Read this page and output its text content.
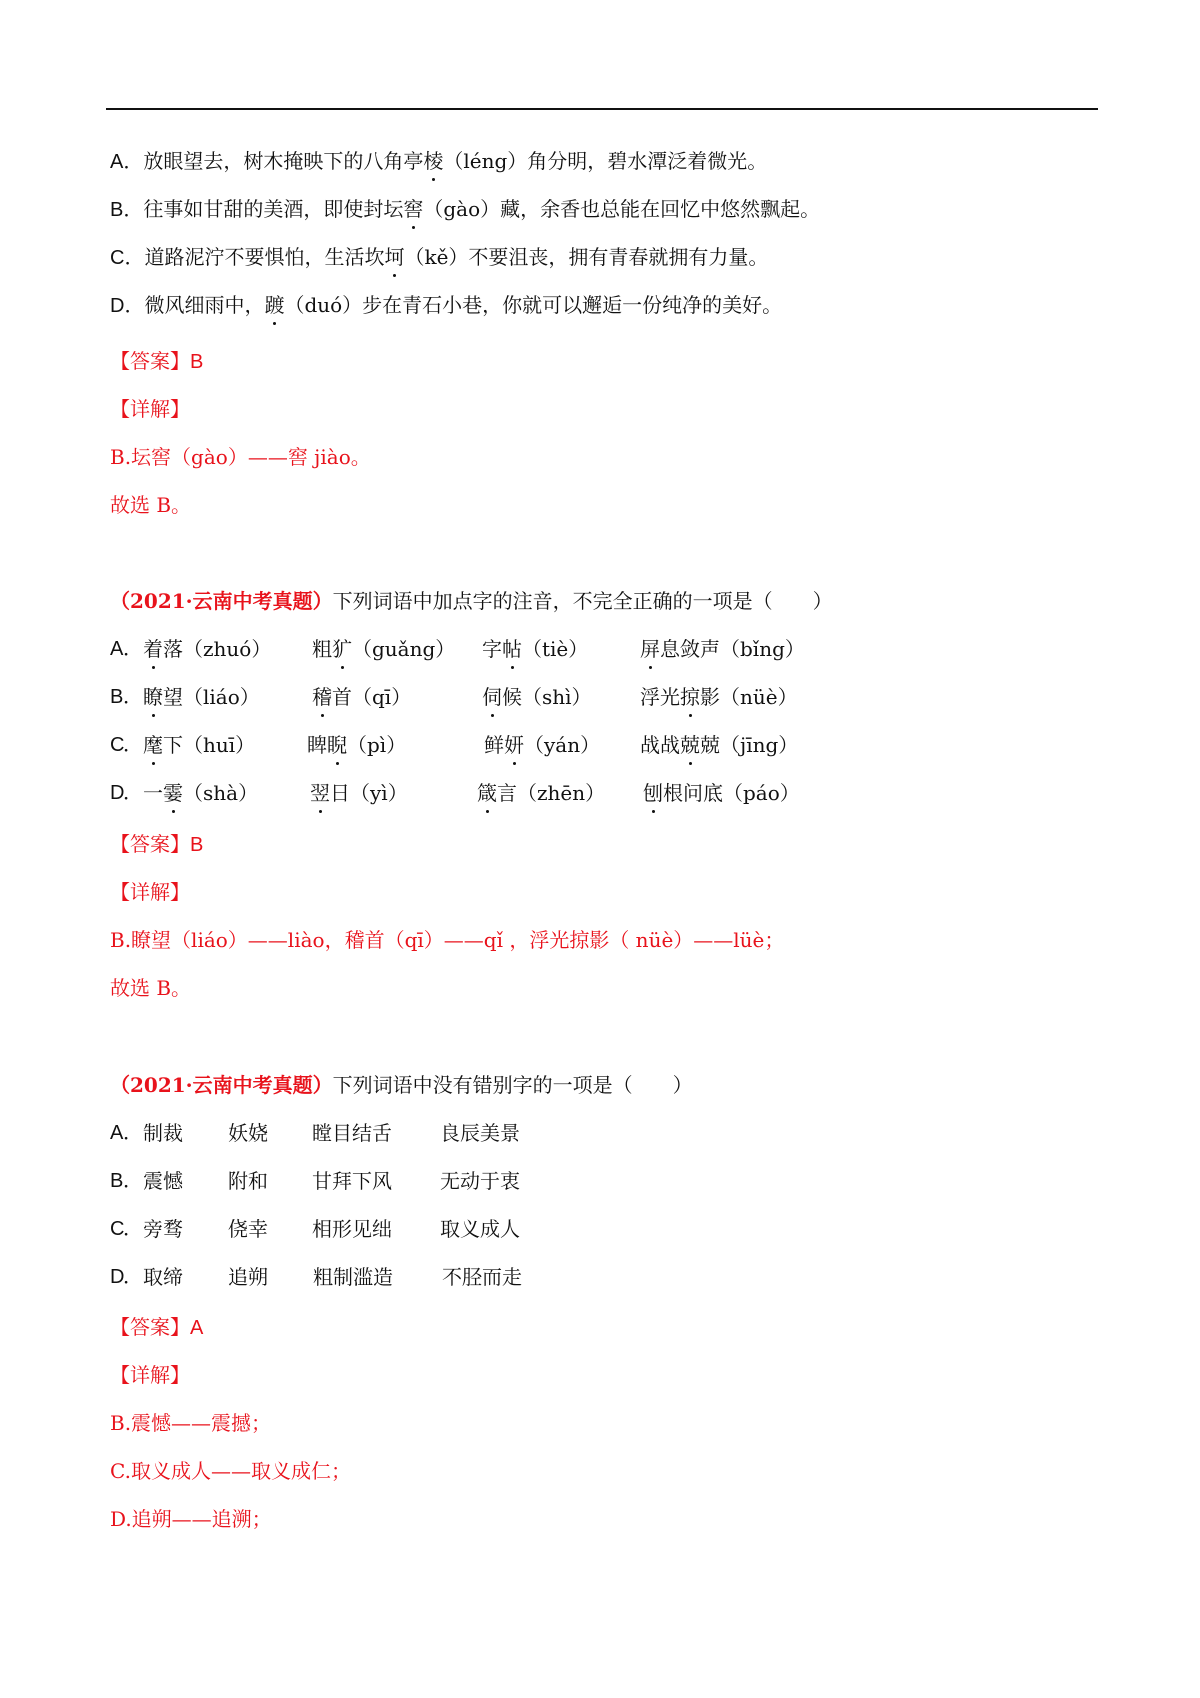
A．放眼望去，树木掩映下的八角亭棱（léng）角分明，碧水潭泛着微光。
B．往事如甘甜的美酒，即使封坛窖（gào）藏，余香也总能在回忆中悠然飘起。
C．道路泥泞不要惧怕，生活坎坷（kě）不要沮丧，拥有青春就拥有力量。
D．微风细雨中，踱（duó）步在青石小巷，你就可以邂逅一份纯净的美好。
【答案】B
【详解】
B.坛窖（gào）——窖 jiào。
故选 B。
（2021·云南中考真题）下列词语中加点字的注音，不完全正确的一项是（　　）
A ． 着落（zhuó） 粗犷（guǎng） 字帖（tiè）	屏息敛声（bǐng）
B ． 瞭望（liáo）	稽首（qī）	伺候（shì） 浮光掠影（nüè）
C
． 麾下（huī）	睥睨（pì）	鲜妍（yán） 战战兢兢（jīng）
D
． 一霎（shà）	翌日（yì）	箴言（zhēn） 刨根问底（páo）
【答案】B
【详解】
B.瞭望（liáo）——liào，稽首（qī）——qǐ ，浮光掠影（ nüè）——lüè；
故选 B。
（2021·云南中考真题）下列词语中没有错别字的一项是（　　）
A ． 制裁 妖娆 瞠目结舌 良辰美景
B ． 震憾 附和 甘拜下风 无动于衷
C
． 旁骛 侥幸 相形见绌 取义成人
D
． 取缔 追朔 粗制滥造 不胫而走
【答案】A
【详解】
B.震憾——震撼；
C.取义成人——取义成仁；
D.追朔——追溯；
